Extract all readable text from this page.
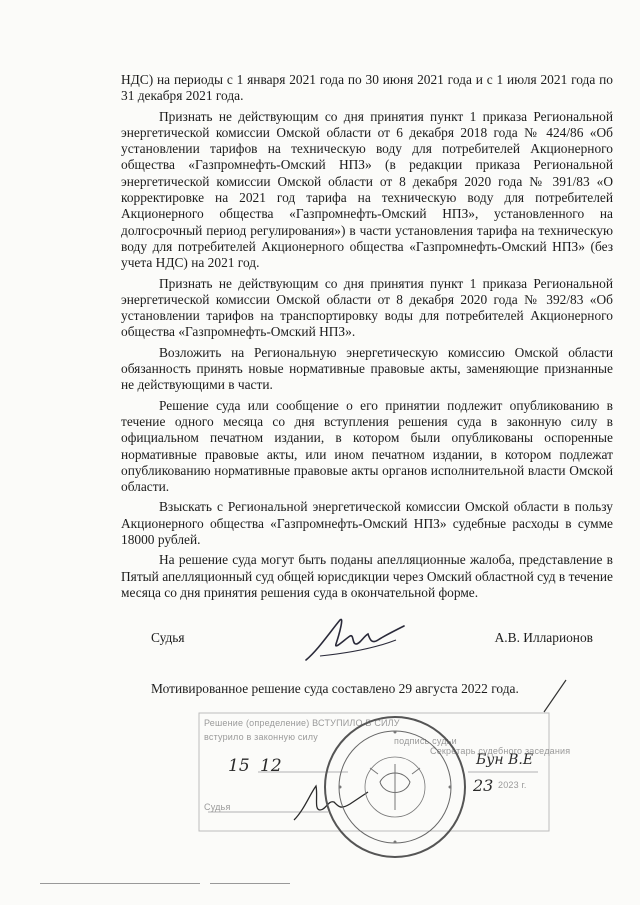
НДС) на периоды с 1 января 2021 года по 30 июня 2021 года и с 1 июля 2021 года по 31 декабря 2021 года.

Признать не действующим со дня принятия пункт 1 приказа Региональной энергетической комиссии Омской области от 6 декабря 2018 года № 424/86 «Об установлении тарифов на техническую воду для потребителей Акционерного общества «Газпромнефть-Омский НПЗ» (в редакции приказа Региональной энергетической комиссии Омской области от 8 декабря 2020 года № 391/83 «О корректировке на 2021 год тарифа на техническую воду для потребителей Акционерного общества «Газпромнефть-Омский НПЗ», установленного на долгосрочный период регулирования») в части установления тарифа на техническую воду для потребителей Акционерного общества «Газпромнефть-Омский НПЗ» (без учета НДС) на 2021 год.

Признать не действующим со дня принятия пункт 1 приказа Региональной энергетической комиссии Омской области от 8 декабря 2020 года № 392/83 «Об установлении тарифов на транспортировку воды для потребителей Акционерного общества «Газпромнефть-Омский НПЗ».

Возложить на Региональную энергетическую комиссию Омской области обязанность принять новые нормативные правовые акты, заменяющие признанные не действующими в части.

Решение суда или сообщение о его принятии подлежит опубликованию в течение одного месяца со дня вступления решения суда в законную силу в официальном печатном издании, в котором были опубликованы оспоренные нормативные правовые акты, или ином печатном издании, в котором подлежат опубликованию нормативные правовые акты органов исполнительной власти Омской области.

Взыскать с Региональной энергетической комиссии Омской области в пользу Акционерного общества «Газпромнефть-Омский НПЗ» судебные расходы в сумме 18000 рублей.

На решение суда могут быть поданы апелляционные жалоба, представление в Пятый апелляционный суд общей юрисдикции через Омский областной суд в течение месяца со дня принятия решения суда в окончательной форме.

Судья	А.В. Илларионов
Мотивированное решение суда составлено 29 августа 2022 года.
Решение (определение) ВСТУПИЛО В СИЛУ
встурило в законную силу	подпись судьи
Секретарь судебного заседания
2023 г.
Судья
15 12
23
Бун В.Е
